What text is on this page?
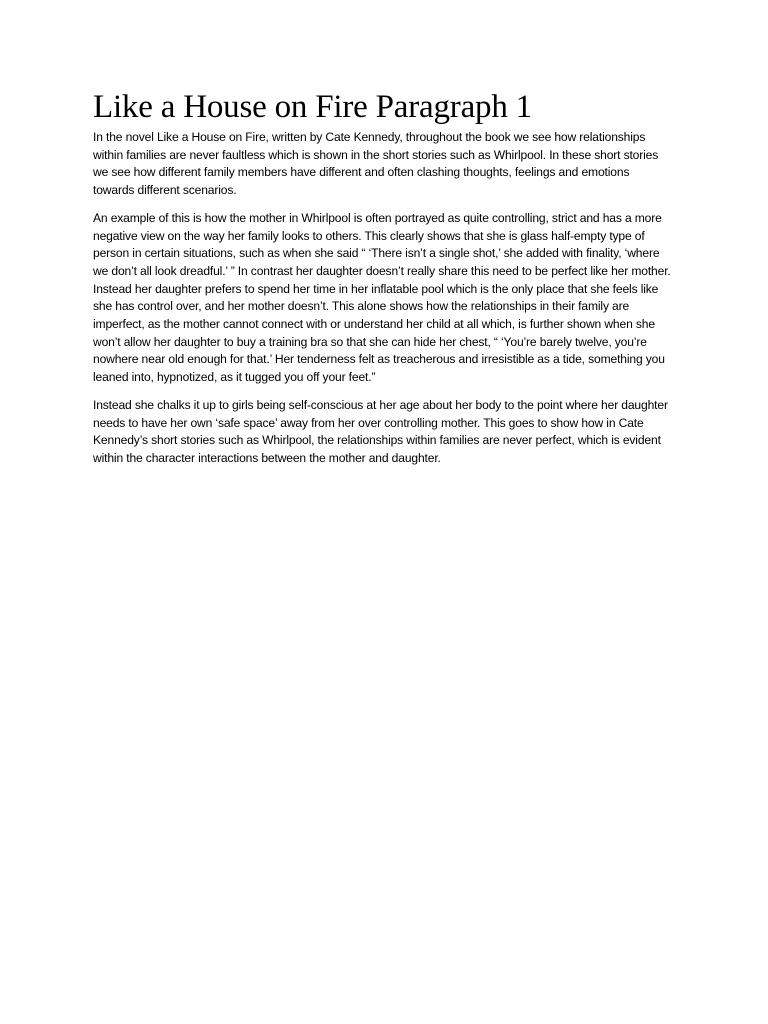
Like a House on Fire Paragraph 1

In the novel Like a House on Fire, written by Cate Kennedy, throughout the book we see how relationships within families are never faultless which is shown in the short stories such as Whirlpool. In these short stories we see how different family members have different and often clashing thoughts, feelings and emotions towards different scenarios.

An example of this is how the mother in Whirlpool is often portrayed as quite controlling, strict and has a more negative view on the way her family looks to others. This clearly shows that she is glass half-empty type of person in certain situations, such as when she said “ ‘There isn’t a single shot,’ she added with finality, ‘where we don’t all look dreadful.’ ” In contrast her daughter doesn’t really share this need to be perfect like her mother. Instead her daughter prefers to spend her time in her inflatable pool which is the only place that she feels like she has control over, and her mother doesn’t. This alone shows how the relationships in their family are imperfect, as the mother cannot connect with or understand her child at all which, is further shown when she won’t allow her daughter to buy a training bra so that she can hide her chest, “ ‘You’re barely twelve, you’re nowhere near old enough for that.’ Her tenderness felt as treacherous and irresistible as a tide, something you leaned into, hypnotized, as it tugged you off your feet.”

Instead she chalks it up to girls being self-conscious at her age about her body to the point where her daughter needs to have her own ‘safe space’ away from her over controlling mother. This goes to show how in Cate Kennedy’s short stories such as Whirlpool, the relationships within families are never perfect, which is evident within the character interactions between the mother and daughter.
